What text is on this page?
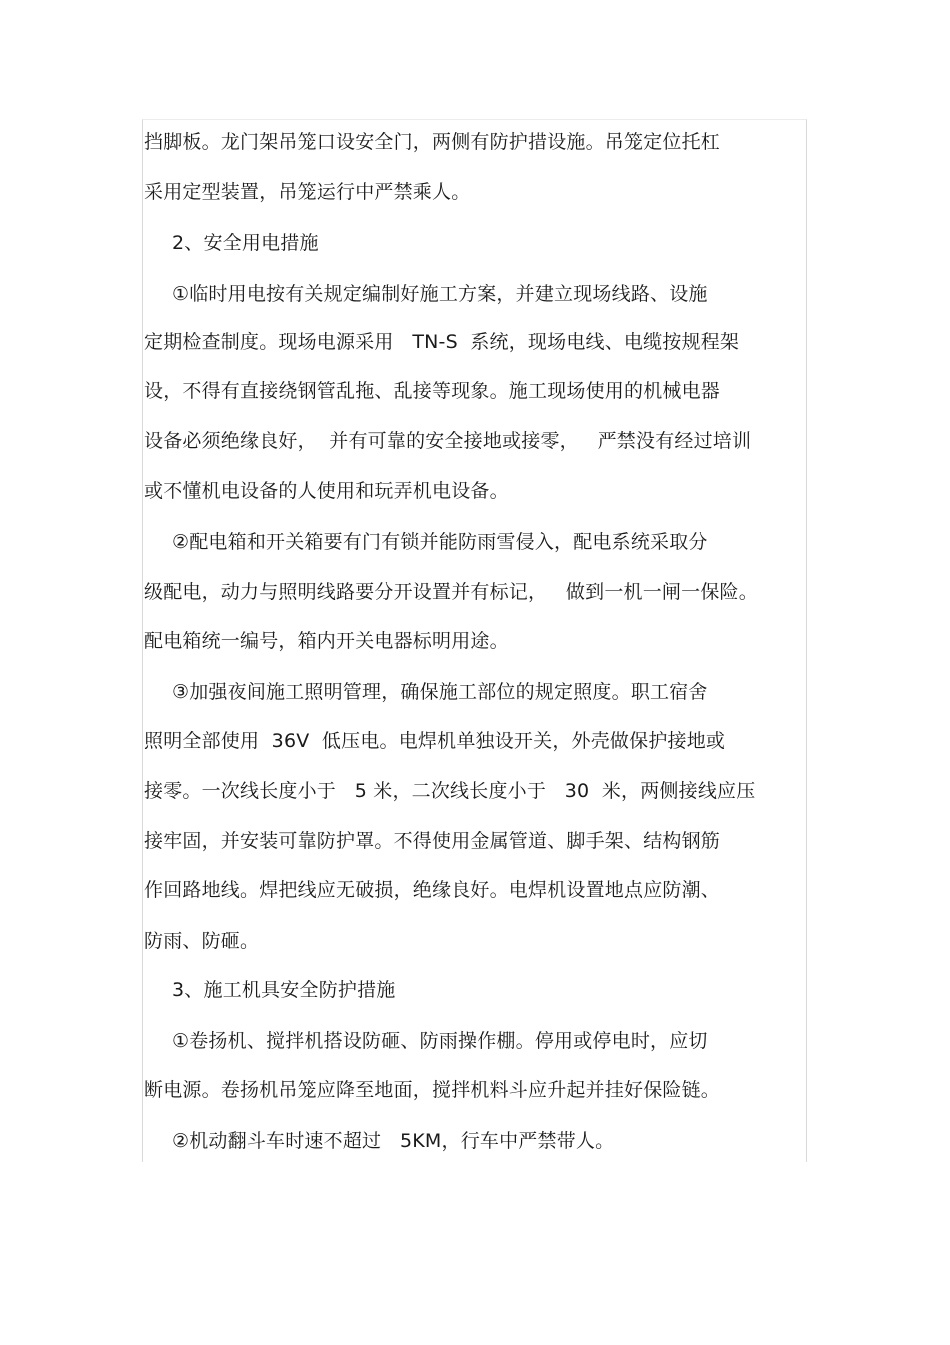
挡脚板。龙门架吊笼口设安全门，两侧有防护措设施。吊笼定位托杠
采用定型装置，吊笼运行中严禁乘人。
2、安全用电措施
①临时用电按有关规定编制好施工方案，并建立现场线路、设施
定期检查制度。现场电源采用   TN-S  系统，现场电线、电缆按规程架
设，不得有直接绕钢管乱拖、乱接等现象。施工现场使用的机械电器
设备必须绝缘良好，  并有可靠的安全接地或接零，   严禁没有经过培训
或不懂机电设备的人使用和玩弄机电设备。
②配电箱和开关箱要有门有锁并能防雨雪侵入，配电系统采取分
级配电，动力与照明线路要分开设置并有标记，   做到一机一闸一保险。
配电箱统一编号，箱内开关电器标明用途。
③加强夜间施工照明管理，确保施工部位的规定照度。职工宿舍
照明全部使用  36V  低压电。电焊机单独设开关，外壳做保护接地或
接零。一次线长度小于   5 米，二次线长度小于   30  米，两侧接线应压
接牢固，并安装可靠防护罩。不得使用金属管道、脚手架、结构钢筋
作回路地线。焊把线应无破损，绝缘良好。电焊机设置地点应防潮、
防雨、防砸。
3、施工机具安全防护措施
①卷扬机、搅拌机搭设防砸、防雨操作棚。停用或停电时，应切
断电源。卷扬机吊笼应降至地面，搅拌机料斗应升起并挂好保险链。
②机动翻斗车时速不超过   5KM，行车中严禁带人。
